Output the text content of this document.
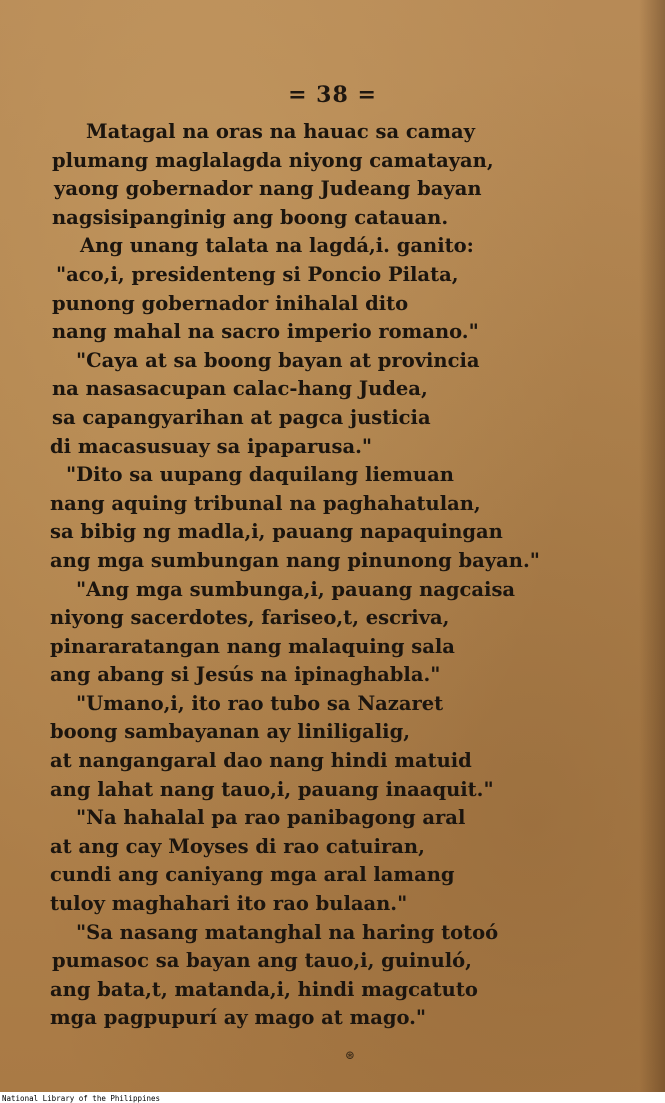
= 38 =
Matagal na oras na hauac sa camay
plumang maglalagda niyong camatayan,
yaong gobernador nang Judeang bayan
nagsisipanginig ang boong catauan.
Ang unang talata na lagdá,i. ganito:
"aco,i, presidenteng si Poncio Pilata,
punong gobernador inihalal dito
nang mahal na sacro imperio romano."
"Caya at sa boong bayan at provincia
na nasasacupan calac-hang Judea,
sa capangyarihan at pagca justicia
di macasusuay sa ipaparusa."
"Dito sa uupang daquilang liemuan
nang aquing tribunal na paghahatulan,
sa bibig ng madla,i, pauang napaquingan
ang mga sumbungan nang pinunong bayan."
"Ang mga sumbunga,i, pauang nagcaisa
niyong sacerdotes, fariseo,t, escriva,
pinararatangan nang malaquing sala
ang abang si Jesús na ipinaghabla."
"Umano,i, ito rao tubo sa Nazaret
boong sambayanan ay liniligalig,
at nangangaral dao nang hindi matuid
ang lahat nang tauo,i, pauang inaaquit."
"Na hahalal pa rao panibagong aral
at ang cay Moyses di rao catuiran,
cundi ang caniyang mga aral lamang
tuloy maghahari ito rao bulaan."
"Sa nasang matanghal na haring totoó
pumasoc sa bayan ang tauo,i, guinuló,
ang bata,t, matanda,i, hindi magcatuto
mga pagpupurí ay mago at mago."
⊛
National Library of the Philippines
